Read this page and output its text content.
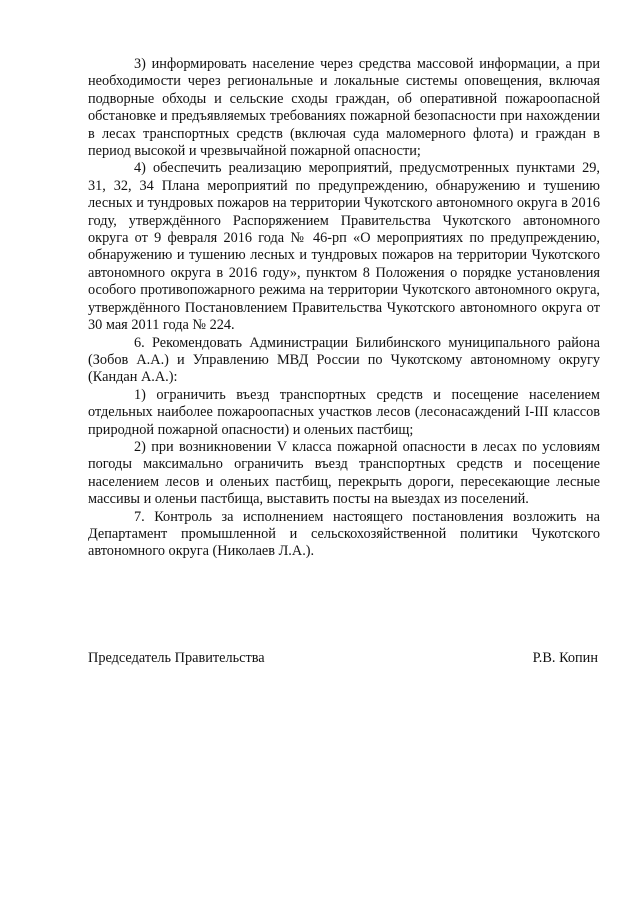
3) информировать население через средства массовой информации, а при необходимости через региональные и локальные системы оповещения, включая подворные обходы и сельские сходы граждан, об оперативной пожароопасной обстановке и предъявляемых требованиях пожарной безопасности при нахождении в лесах транспортных средств (включая суда маломерного флота) и граждан в период высокой и чрезвычайной пожарной опасности;

4) обеспечить реализацию мероприятий, предусмотренных пунктами 29, 31, 32, 34 Плана мероприятий по предупреждению, обнаружению и тушению лесных и тундровых пожаров на территории Чукотского автономного округа в 2016 году, утверждённого Распоряжением Правительства Чукотского автономного округа от 9 февраля 2016 года № 46-рп «О мероприятиях по предупреждению, обнаружению и тушению лесных и тундровых пожаров на территории Чукотского автономного округа в 2016 году», пунктом 8 Положения о порядке установления особого противопожарного режима на территории Чукотского автономного округа, утверждённого Постановлением Правительства Чукотского автономного округа от 30 мая 2011 года № 224.

6. Рекомендовать Администрации Билибинского муниципального района (Зобов А.А.) и Управлению МВД России по Чукотскому автономному округу (Кандан А.А.):

1) ограничить въезд транспортных средств и посещение населением отдельных наиболее пожароопасных участков лесов (лесонасаждений I-III классов природной пожарной опасности) и оленьих пастбищ;

2) при возникновении V класса пожарной опасности в лесах по условиям погоды максимально ограничить въезд транспортных средств и посещение населением лесов и оленьих пастбищ, перекрыть дороги, пересекающие лесные массивы и оленьи пастбища, выставить посты на выездах из поселений.

7. Контроль за исполнением настоящего постановления возложить на Департамент промышленной и сельскохозяйственной политики Чукотского автономного округа (Николаев Л.А.).

Председатель Правительства	Р.В. Копин
